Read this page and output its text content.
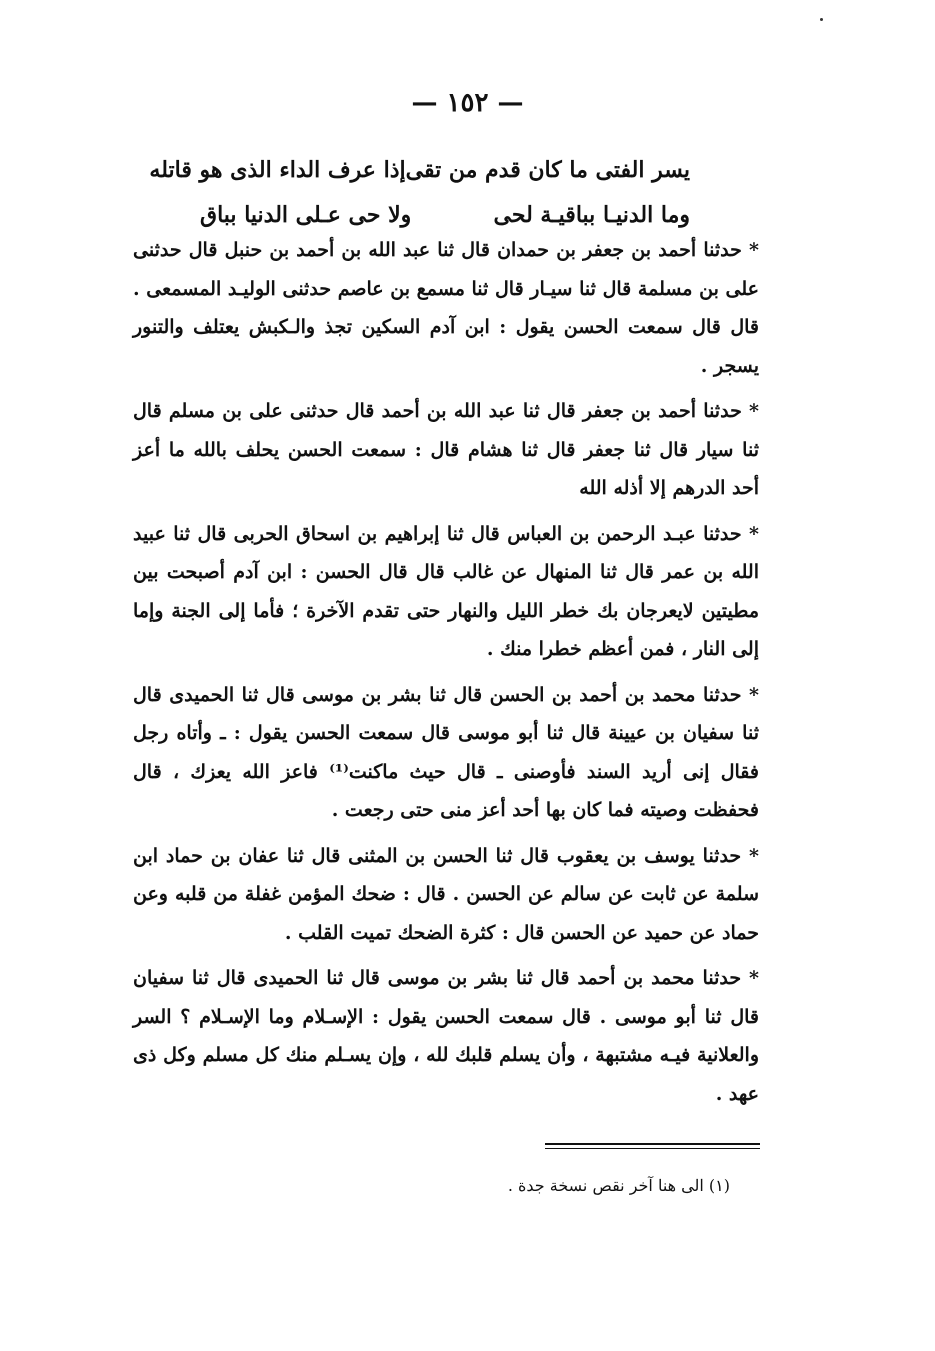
— ١٥٢ —
يسر الفتى ما كان قدم من تقى
إذا عرف الداء الذى هو قاتله
وما الدنيـا بباقيـة لحى
ولا حى عـلى الدنيا بباق

* حدثنا أحمد بن جعفر بن حمدان قال ثنا عبد الله بن أحمد بن حنبل قال حدثنى على بن مسلمة قال ثنا سيـار قال ثنا مسمع بن عاصم حدثنى الوليـد المسمعى . قال قال سمعت الحسن يقول : ابن آدم السكين تجذ والـكبش يعتلف والتنور يسجر .

* حدثنا أحمد بن جعفر قال ثنا عبد الله بن أحمد قال حدثنى على بن مسلم قال ثنا سيار قال ثنا جعفر قال ثنا هشام قال : سمعت الحسن يحلف بالله ما أعز أحد الدرهم إلا أذله الله

* حدثنا عبـد الرحمن بن العباس قال ثنا إبراهيم بن اسحاق الحربى قال ثنا عبيد الله بن عمر قال ثنا المنهال عن غالب قال قال الحسن : ابن آدم أصبحت بين مطيتين لايعرجان بك خطر الليل والنهار حتى تقدم الآخرة ؛ فأما إلى الجنة وإما إلى النار ، فمن أعظم خطرا منك .

* حدثنا محمد بن أحمد بن الحسن قال ثنا بشر بن موسى قال ثنا الحميدى قال ثنا سفيان بن عيينة قال ثنا أبو موسى قال سمعت الحسن يقول : ـ وأتاه رجل فقال إنى أريد السند فأوصنى ـ قال حيث ماكنت⁽¹⁾ فاعز الله يعزك ، قال فحفظت وصيته فما كان بها أحد أعز منى حتى رجعت .

* حدثنا يوسف بن يعقوب قال ثنا الحسن بن المثنى قال ثنا عفان بن حماد ابن سلمة عن ثابت عن سالم عن الحسن . قال : ضحك المؤمن غفلة من قلبه وعن حماد عن حميد عن الحسن قال : كثرة الضحك تميت القلب .

* حدثنا محمد بن أحمد قال ثنا بشر بن موسى قال ثنا الحميدى قال ثنا سفيان قال ثنا أبو موسى . قال سمعت الحسن يقول : الإسـلام وما الإسـلام ؟ السر والعلانية فيـه مشتبهة ، وأن يسلم قلبك لله ، وإن يسـلم منك كل مسلم وكل ذى عهد .

(١) الى هنا آخر نقص نسخة جدة .
